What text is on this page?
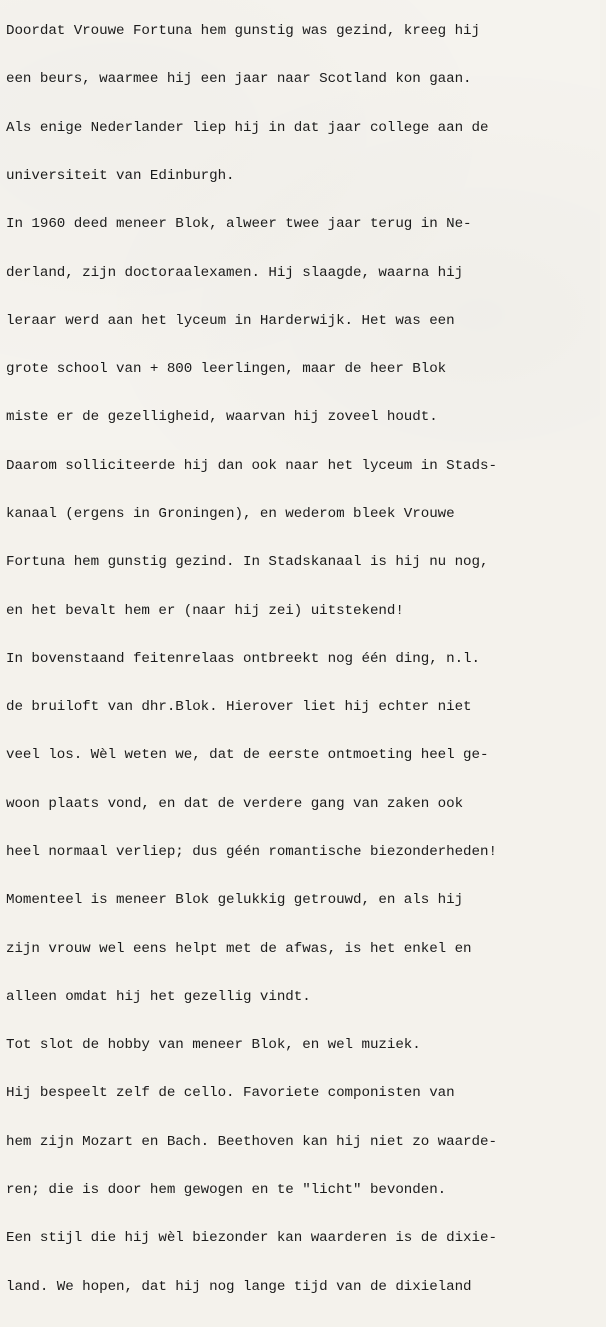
Doordat Vrouwe Fortuna hem gunstig was gezind, kreeg hij

een beurs, waarmee hij een jaar naar Scotland kon gaan.

Als enige Nederlander liep hij in dat jaar college aan de

universiteit van Edinburgh.

In 1960 deed meneer Blok, alweer twee jaar terug in Ne-

derland, zijn doctoraalexamen. Hij slaagde, waarna hij

leraar werd aan het lyceum in Harderwijk. Het was een

grote school van + 800 leerlingen, maar de heer Blok

miste er de gezelligheid, waarvan hij zoveel houdt.

Daarom solliciteerde hij dan ook naar het lyceum in Stads-

kanaal (ergens in Groningen), en wederom bleek Vrouwe

Fortuna hem gunstig gezind. In Stadskanaal is hij nu nog,

en het bevalt hem er (naar hij zei) uitstekend!

In bovenstaand feitenrelaas ontbreekt nog één ding, n.l.

de bruiloft van dhr.Blok. Hierover liet hij echter niet

veel los. Wèl weten we, dat de eerste ontmoeting heel ge-

woon plaats vond, en dat de verdere gang van zaken ook

heel normaal verliep; dus géén romantische biezonderheden!

Momenteel is meneer Blok gelukkig getrouwd, en als hij

zijn vrouw wel eens helpt met de afwas, is het enkel en

alleen omdat hij het gezellig vindt.

Tot slot de hobby van meneer Blok, en wel muziek.

Hij bespeelt zelf de cello. Favoriete componisten van

hem zijn Mozart en Bach. Beethoven kan hij niet zo waarde-

ren; die is door hem gewogen en te "licht" bevonden.

Een stijl die hij wèl biezonder kan waarderen is de dixie-

land. We hopen, dat hij nog lange tijd van de dixieland
